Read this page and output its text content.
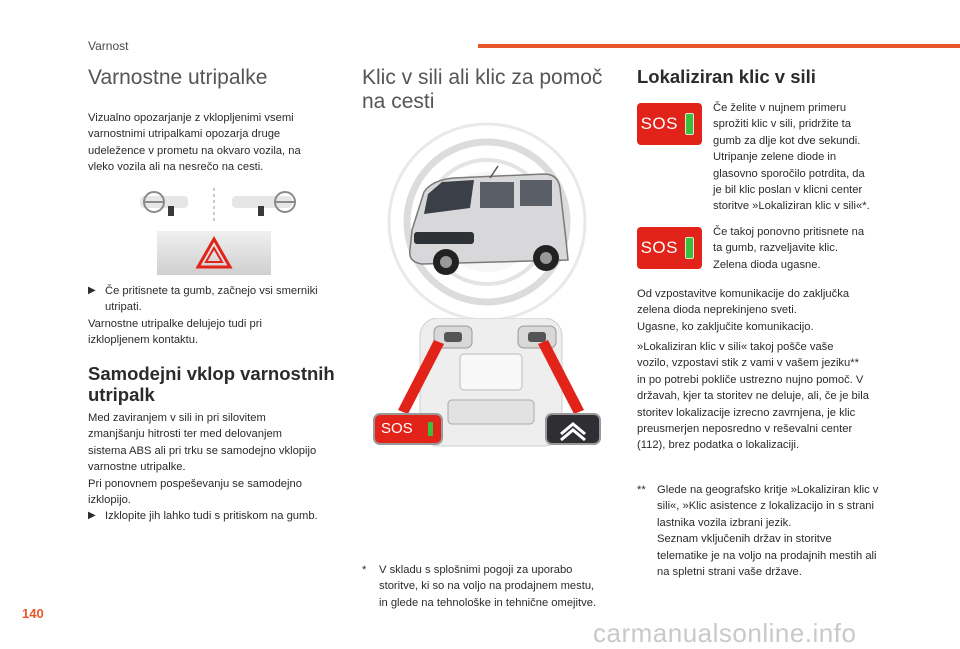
Varnost
Varnostne utripalke
Vizualno opozarjanje z vklopljenimi vsemi
varnostnimi utripalkami opozarja druge
udeležence v prometu na okvaro vozila, na
vleko vozila ali na nesrečo na cesti.
▶ Če pritisnete ta gumb, začnejo vsi smerniki
utripati.
Varnostne utripalke delujejo tudi pri
izklopljenem kontaktu.
Samodejni vklop varnostnih
utripalk
Med zaviranjem v sili in pri silovitem
zmanjšanju hitrosti ter med delovanjem
sistema ABS ali pri trku se samodejno vklopijo
varnostne utripalke.
Pri ponovnem pospeševanju se samodejno
izklopijo.
▶ Izklopite jih lahko tudi s pritiskom na gumb.
Klic v sili ali klic za pomoč
na cesti
SOS
*	V skladu s splošnimi pogoji za uporabo
storitve, ki so na voljo na prodajnem mestu,
in glede na tehnološke in tehnične omejitve.
Lokaliziran klic v sili
SOS
Če želite v nujnem primeru
sprožiti klic v sili, pridržite ta
gumb za dlje kot dve sekundi.
Utripanje zelene diode in
glasovno sporočilo potrdita, da
je bil klic poslan v klicni center
storitve »Lokaliziran klic v sili«*.
SOS
Če takoj ponovno pritisnete na
ta gumb, razveljavite klic.
Zelena dioda ugasne.
Od vzpostavitve komunikacije do zaključka
zelena dioda neprekinjeno sveti.
Ugasne, ko zaključite komunikacijo.
»Lokaliziran klic v sili« takoj pošče vaše
vozilo, vzpostavi stik z vami v vašem jeziku**
in po potrebi pokliče ustrezno nujno pomoč. V
državah, kjer ta storitev ne deluje, ali, če je bila
storitev lokalizacije izrecno zavrnjena, je klic
preusmerjen neposredno v reševalni center
(112), brez podatka o lokalizaciji.
**	Glede na geografsko kritje »Lokaliziran klic v
sili«, »Klic asistence z lokalizacijo in s strani
lastnika vozila izbrani jezik.
Seznam vključenih držav in storitve
telematike je na voljo na prodajnih mestih ali
na spletni strani vaše države.
140
carmanualsonline.info
